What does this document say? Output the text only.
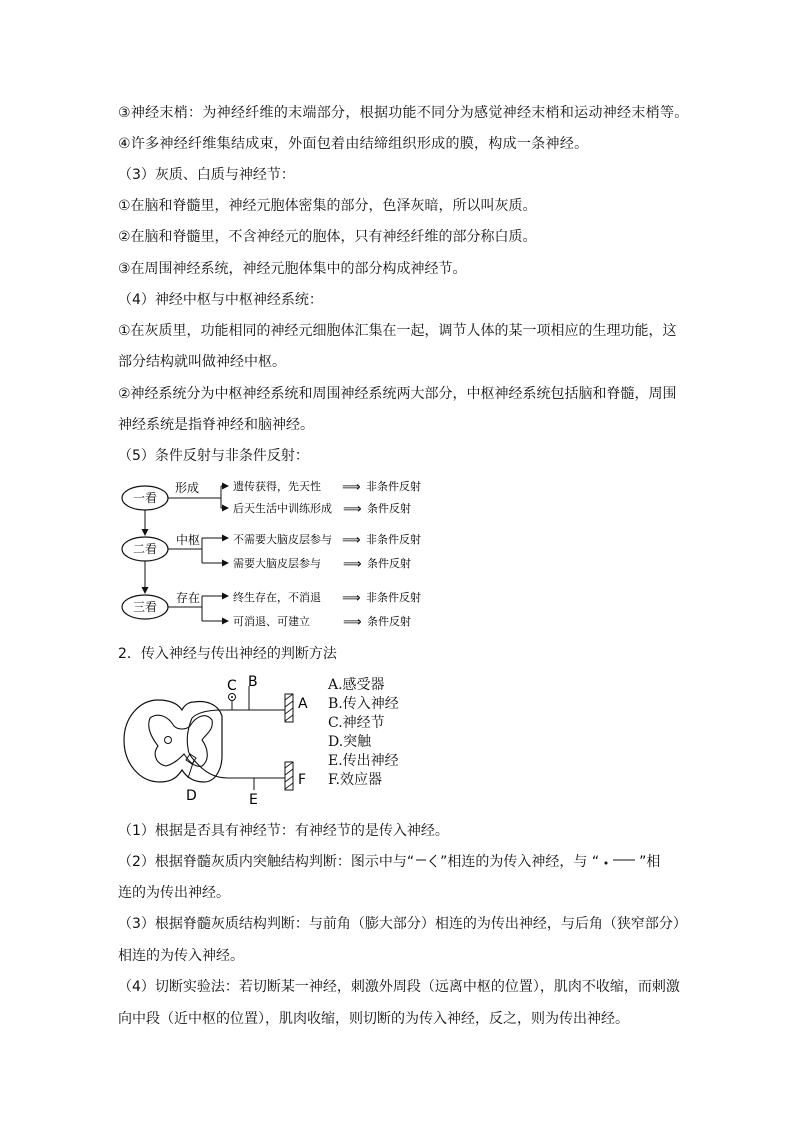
③神经末梢：为神经纤维的末端部分，根据功能不同分为感觉神经末梢和运动神经末梢等。
④许多神经纤维集结成束，外面包着由结缔组织形成的膜，构成一条神经。
（3）灰质、白质与神经节：
①在脑和脊髓里，神经元胞体密集的部分，色泽灰暗，所以叫灰质。
②在脑和脊髓里，不含神经元的胞体，只有神经纤维的部分称白质。
③在周围神经系统，神经元胞体集中的部分构成神经节。
（4）神经中枢与中枢神经系统：
①在灰质里，功能相同的神经元细胞体汇集在一起，调节人体的某一项相应的生理功能，这
部分结构就叫做神经中枢。
②神经系统分为中枢神经系统和周围神经系统两大部分，中枢神经系统包括脑和脊髓，周围
神经系统是指脊神经和脑神经。
（5）条件反射与非条件反射：
一看
二看
三看
形成	遗传获得，先天性 ⟹ 非条件反射
后天生活中训练形成 ⟹ 条件反射
中枢	不需要大脑皮层参与 ⟹ 非条件反射
需要大脑皮层参与 ⟹ 条件反射
存在	终生存在，不消退 ⟹ 非条件反射
可消退、可建立	⟹ 条件反射
2．传入神经与传出神经的判断方法
A
B
C
D	E
F
A.感受器
B.传入神经
C.神经节
D.突触
E.传出神经
F.效应器
（1）根据是否具有神经节：有神经节的是传入神经。
（2）根据脊髓灰质内突触结构判断：图示中与“ ”相连的为传入神经，与 “	”相
连的为传出神经。
（3）根据脊髓灰质结构判断：与前角（膨大部分）相连的为传出神经，与后角（狭窄部分）
相连的为传入神经。
（4）切断实验法：若切断某一神经，刺激外周段（远离中枢的位置），肌肉不收缩，而刺激
向中段（近中枢的位置），肌肉收缩，则切断的为传入神经，反之，则为传出神经。
